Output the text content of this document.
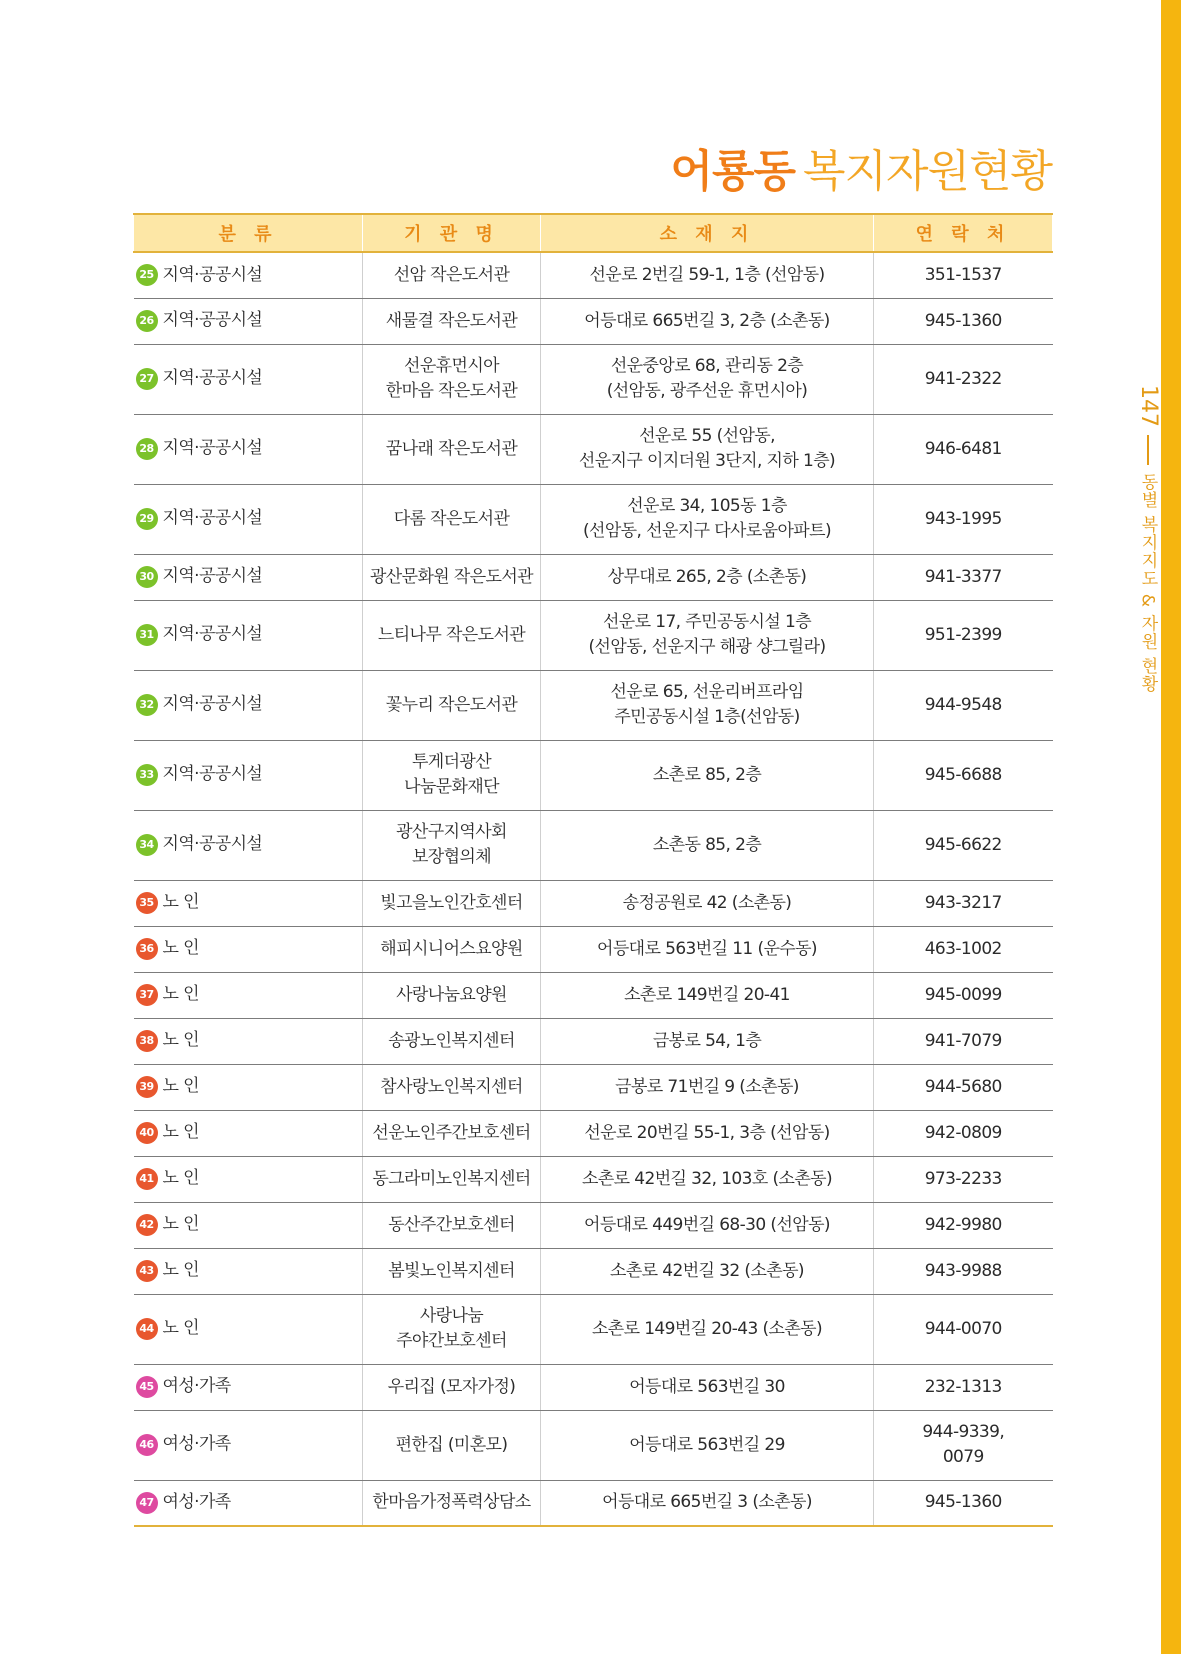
147
동별 복지지도 & 자원 현황
어룡동 복지자원현황
분 류	기 관 명	소 재 지	연 락 처
25 지역·공공시설	선암 작은도서관	선운로 2번길 59-1, 1층 (선암동)	351-1537

26 지역·공공시설	새물결 작은도서관	어등대로 665번길 3, 2층 (소촌동)	945-1360

27 지역·공공시설	선운휴먼시아
한마음 작은도서관	선운중앙로 68, 관리동 2층
(선암동, 광주선운 휴먼시아)	941-2322

28 지역·공공시설	꿈나래 작은도서관	선운로 55 (선암동,
선운지구 이지더원 3단지, 지하 1층)	946-6481

29 지역·공공시설	다롬 작은도서관	선운로 34, 105동 1층
(선암동, 선운지구 다사로움아파트)	943-1995

30 지역·공공시설	광산문화원 작은도서관	상무대로 265, 2층 (소촌동)	941-3377

31 지역·공공시설	느티나무 작은도서관	선운로 17, 주민공동시설 1층
(선암동, 선운지구 해광 샹그릴라)	951-2399

32 지역·공공시설	꽃누리 작은도서관	선운로 65, 선운리버프라임
주민공동시설 1층(선암동)	944-9548

33 지역·공공시설	투게더광산
나눔문화재단	소촌로 85, 2층	945-6688

34 지역·공공시설	광산구지역사회
보장협의체	소촌동 85, 2층	945-6622

35 노 인	빛고을노인간호센터	송정공원로 42 (소촌동)	943-3217

36 노 인	해피시니어스요양원	어등대로 563번길 11 (운수동)	463-1002

37 노 인	사랑나눔요양원	소촌로 149번길 20-41	945-0099

38 노 인	송광노인복지센터	금봉로 54, 1층	941-7079

39 노 인	참사랑노인복지센터	금봉로 71번길 9 (소촌동)	944-5680

40 노 인	선운노인주간보호센터	선운로 20번길 55-1, 3층 (선암동)	942-0809

41 노 인	동그라미노인복지센터	소촌로 42번길 32, 103호 (소촌동)	973-2233

42 노 인	동산주간보호센터	어등대로 449번길 68-30 (선암동)	942-9980

43 노 인	봄빛노인복지센터	소촌로 42번길 32 (소촌동)	943-9988

44 노 인	사랑나눔
주야간보호센터	소촌로 149번길 20-43 (소촌동)	944-0070

45 여성·가족	우리집 (모자가정)	어등대로 563번길 30	232-1313

46 여성·가족	편한집 (미혼모)	어등대로 563번길 29	944-9339,
0079

47 여성·가족	한마음가정폭력상담소	어등대로 665번길 3 (소촌동)	945-1360
